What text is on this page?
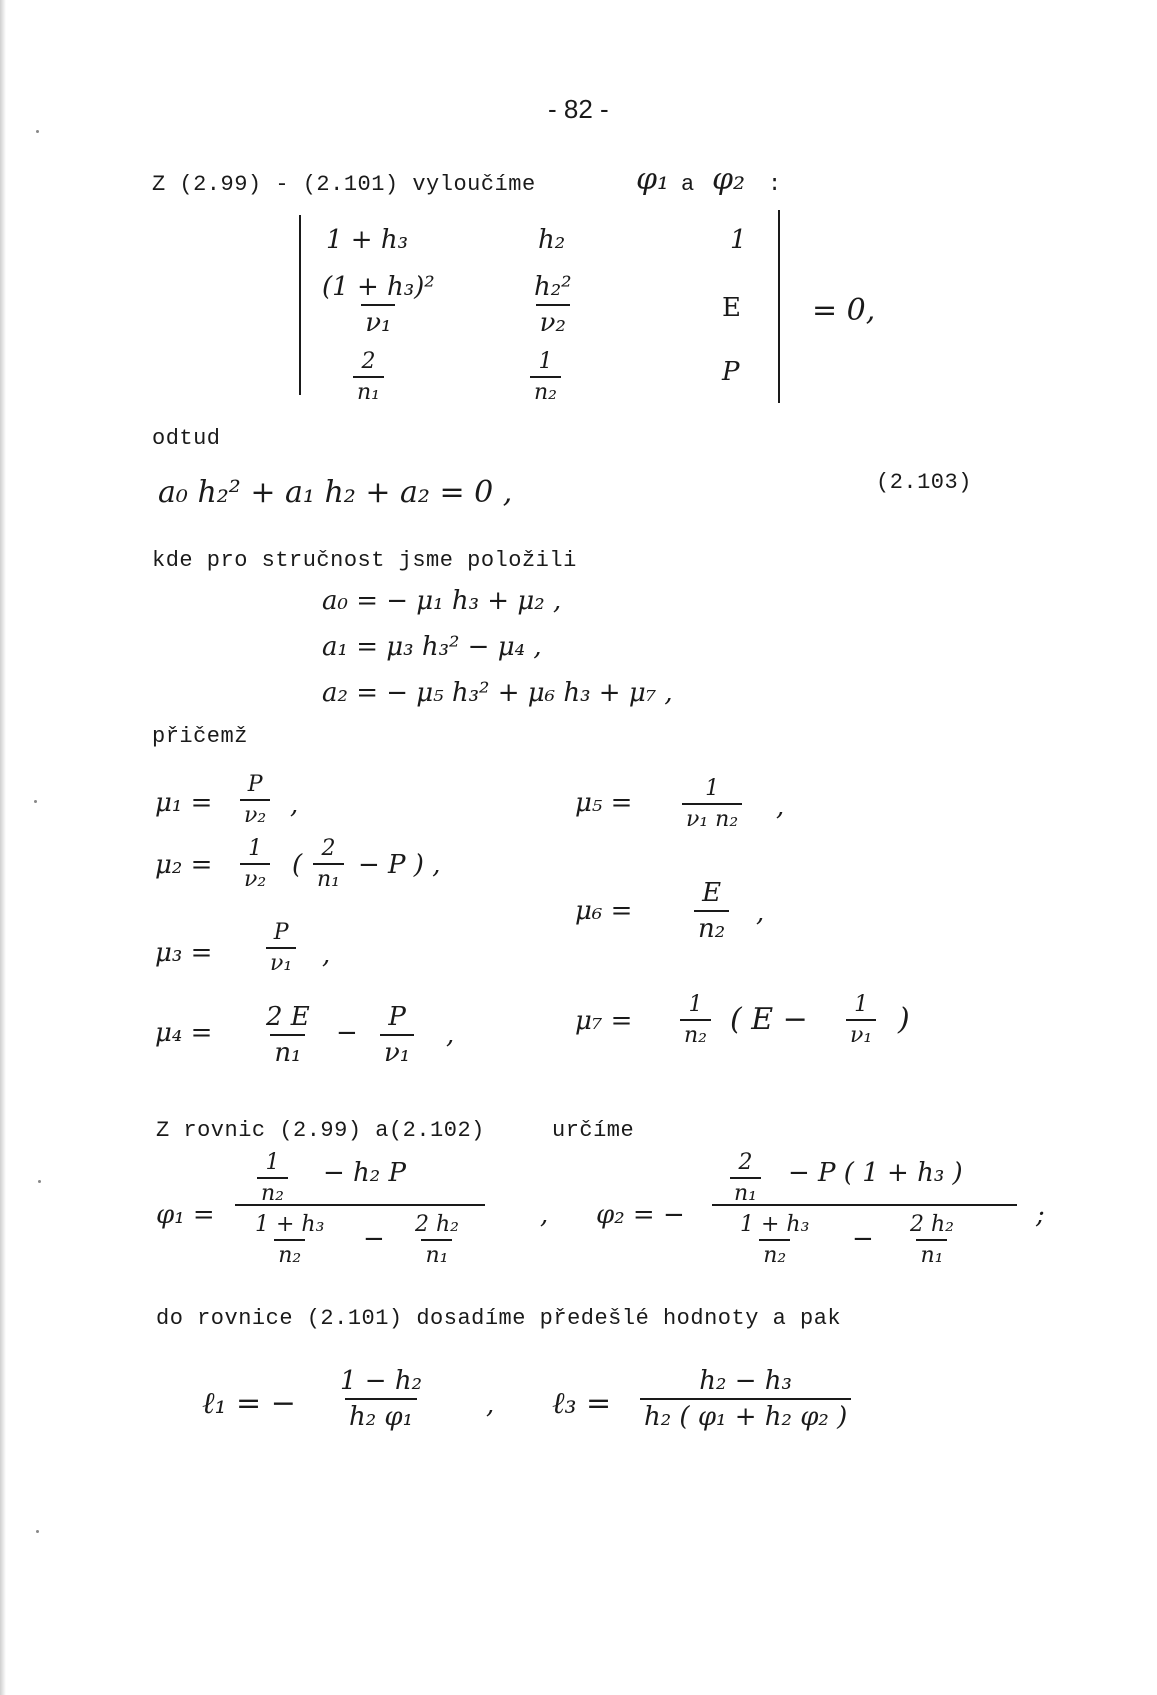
- 82 -
Z (2.99) - (2.101) vyloučíme	φ₁ a φ₂ :
1 + h₃	h₂	1
$\frac{\text{(1 + h₃)²}}{\text{ν₁}}$	$\frac{\text{h₂²}}{\text{ν₂}}$	E
$\frac{2}{\text{n₁}}$	$\frac{1}{\text{n₂}}$	P
= 0,
odtud
a₀ h₂² + a₁ h₂ + a₂ = 0 ,	(2.103)
kde pro stručnost jsme položili
a₀ = − μ₁ h₃ + μ₂ ,
a₁ = μ₃ h₃² − μ₄ ,
a₂ = − μ₅ h₃² + μ₆ h₃ + μ₇ ,
přičemž
$\mu_1 = \frac{P}{\text{ν₂}}$ ,
$\mu_2 = \frac{1}{\text{ν₂}}$ ( $\frac{2}{\text{n₁}} - P$ ) ,
$\mu_3 = \frac{P}{\text{ν₁}}$ ,
$\mu_4 = \frac{2 E}{\text{n₁}} - \frac{P}{\text{ν₁}}$ ,
$\mu_5 = \frac{1}{\text{ν₁ n₂}}$ ,
$\mu_6 = \frac{E}{\text{n₂}}$ ,
$\mu_7 = \frac{1}{\text{n₂}}$ ( $E - \frac{1}{\text{ν₁}}$ )
Z rovnic (2.99) a(2.102)	určíme
φ₁ =
$\frac{1}{\text{n₂}} - h_2$ P
$\frac{\text{1 + h₃}}{\text{n₂}} - \frac{\text{2 h₂}}{\text{n₁}}$	, φ₂ = −
$\frac{2}{\text{n₁}} - P$ ( 1 + h₃ )
$\frac{\text{1 + h₃}}{\text{n₂}} - \frac{\text{2 h₂}}{\text{n₁}}$	;
do rovnice (2.101) dosadíme předešlé hodnoty a pak
ℓ₁ = − $\frac{\text{1 − h₂}}{\text{h₂ φ₁}}$ , ℓ₃ = $\frac{\text{h₂ − h₃}}{\text{h₂ ( φ₁ + h₂ φ₂ )}}$
